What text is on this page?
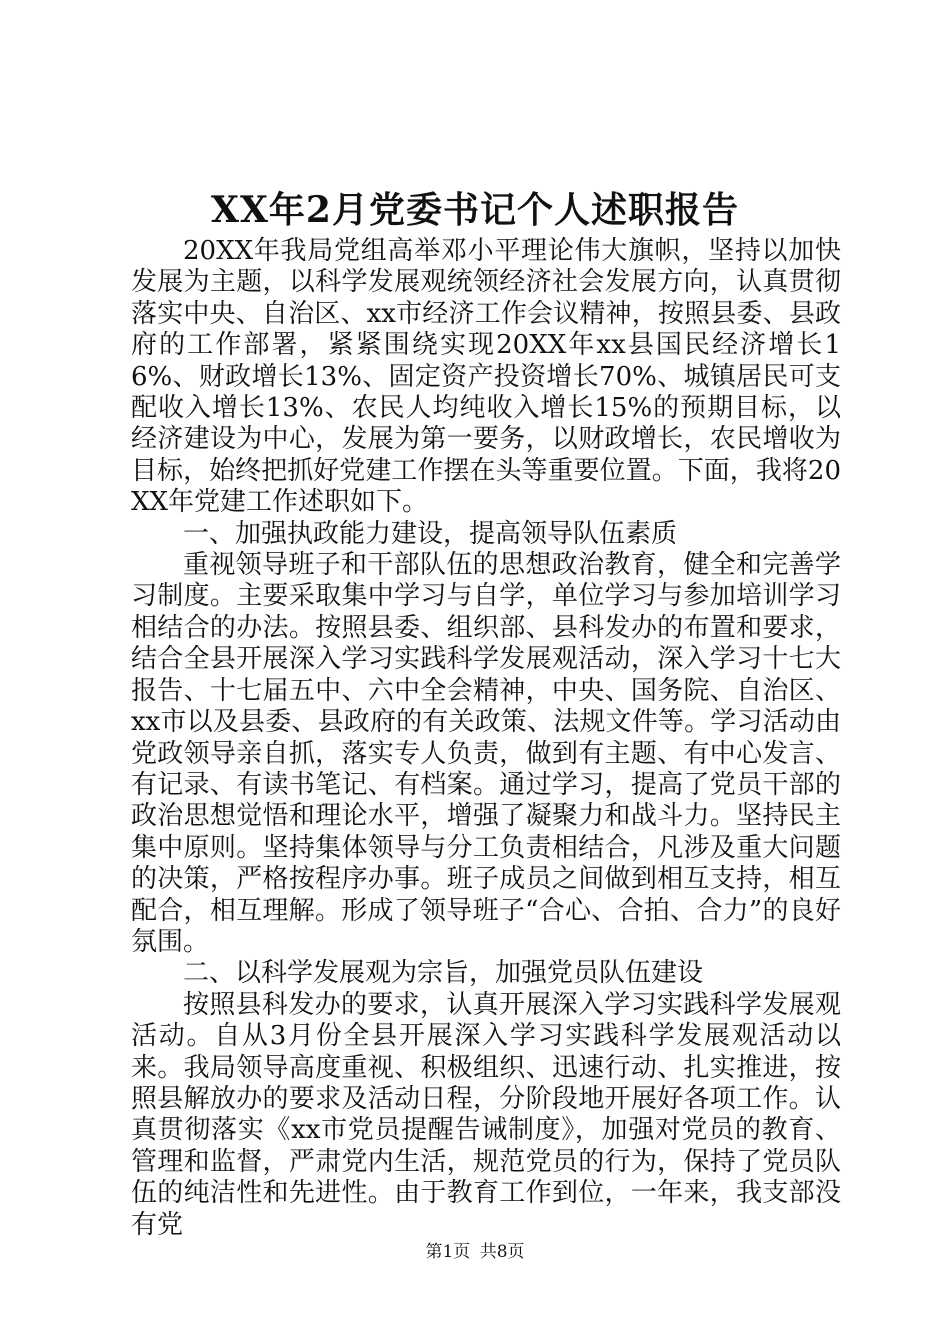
XX年2月党委书记个人述职报告

20XX年我局党组高举邓小平理论伟大旗帜，坚持以加快发展为主题，以科学发展观统领经济社会发展方向，认真贯彻落实中央、自治区、xx市经济工作会议精神，按照县委、县政府的工作部署，紧紧围绕实现20XX年xx县国民经济增长16%、财政增长13%、固定资产投资增长70%、城镇居民可支配收入增长13%、农民人均纯收入增长15%的预期目标，以经济建设为中心，发展为第一要务，以财政增长，农民增收为目标，始终把抓好党建工作摆在头等重要位置。下面，我将20XX年党建工作述职如下。

一、加强执政能力建设，提高领导队伍素质

重视领导班子和干部队伍的思想政治教育，健全和完善学习制度。主要采取集中学习与自学，单位学习与参加培训学习相结合的办法。按照县委、组织部、县科发办的布置和要求，结合全县开展深入学习实践科学发展观活动，深入学习十七大报告、十七届五中、六中全会精神，中央、国务院、自治区、xx市以及县委、县政府的有关政策、法规文件等。学习活动由党政领导亲自抓，落实专人负责，做到有主题、有中心发言、有记录、有读书笔记、有档案。通过学习，提高了党员干部的政治思想觉悟和理论水平，增强了凝聚力和战斗力。坚持民主集中原则。坚持集体领导与分工负责相结合，凡涉及重大问题的决策，严格按程序办事。班子成员之间做到相互支持，相互配合，相互理解。形成了领导班子“合心、合拍、合力”的良好氛围。

二、以科学发展观为宗旨，加强党员队伍建设

按照县科发办的要求，认真开展深入学习实践科学发展观活动。自从3月份全县开展深入学习实践科学发展观活动以来。我局领导高度重视、积极组织、迅速行动、扎实推进，按照县解放办的要求及活动日程，分阶段地开展好各项工作。认真贯彻落实《xx市党员提醒告诫制度》，加强对党员的教育、管理和监督，严肃党内生活，规范党员的行为，保持了党员队伍的纯洁性和先进性。由于教育工作到位，一年来，我支部没有党

第1页 共8页
